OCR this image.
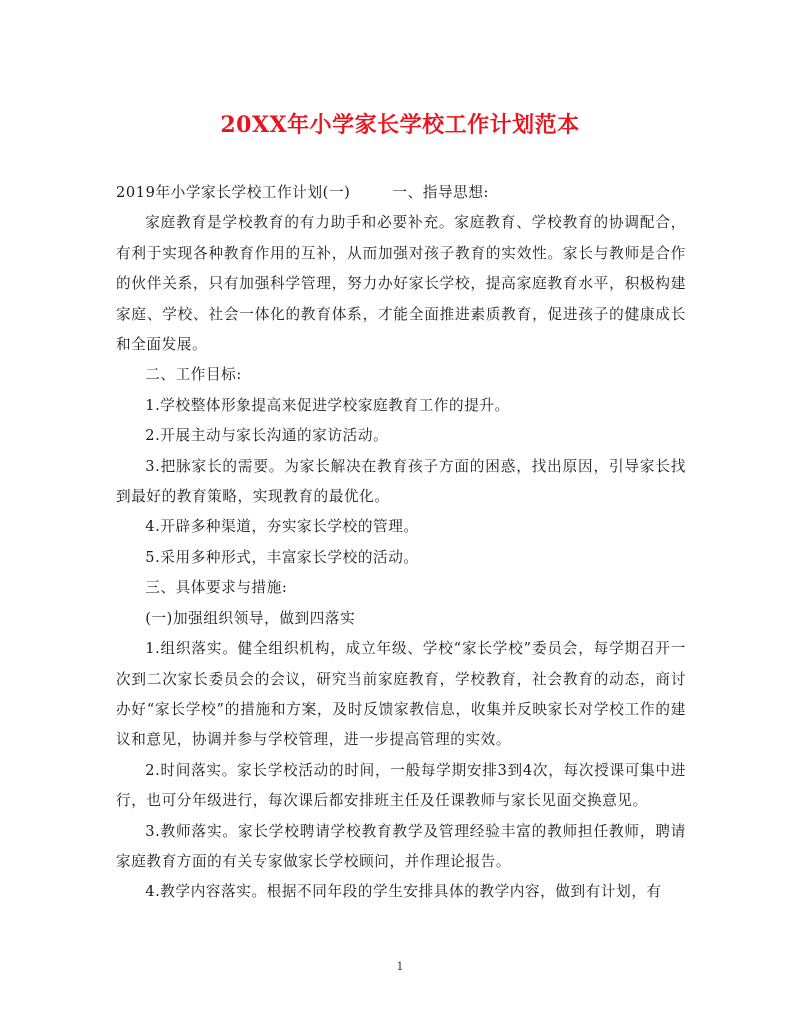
20XX年小学家长学校工作计划范本

2019年小学家长学校工作计划(一)        一、指导思想:

家庭教育是学校教育的有力助手和必要补充。家庭教育、学校教育的协调配合，有利于实现各种教育作用的互补，从而加强对孩子教育的实效性。家长与教师是合作的伙伴关系，只有加强科学管理，努力办好家长学校，提高家庭教育水平，积极构建家庭、学校、社会一体化的教育体系，才能全面推进素质教育，促进孩子的健康成长和全面发展。

二、工作目标:

1.学校整体形象提高来促进学校家庭教育工作的提升。

2.开展主动与家长沟通的家访活动。

3.把脉家长的需要。为家长解决在教育孩子方面的困惑，找出原因，引导家长找到最好的教育策略，实现教育的最优化。

4.开辟多种渠道，夯实家长学校的管理。

5.采用多种形式，丰富家长学校的活动。

三、具体要求与措施:

(一)加强组织领导，做到四落实

1.组织落实。健全组织机构，成立年级、学校“家长学校”委员会，每学期召开一次到二次家长委员会的会议，研究当前家庭教育，学校教育，社会教育的动态，商讨办好“家长学校”的措施和方案，及时反馈家教信息，收集并反映家长对学校工作的建议和意见，协调并参与学校管理，进一步提高管理的实效。

2.时间落实。家长学校活动的时间，一般每学期安排3到4次，每次授课可集中进行，也可分年级进行，每次课后都安排班主任及任课教师与家长见面交换意见。

3.教师落实。家长学校聘请学校教育教学及管理经验丰富的教师担任教师，聘请家庭教育方面的有关专家做家长学校顾问，并作理论报告。

4.教学内容落实。根据不同年段的学生安排具体的教学内容，做到有计划，有

1
